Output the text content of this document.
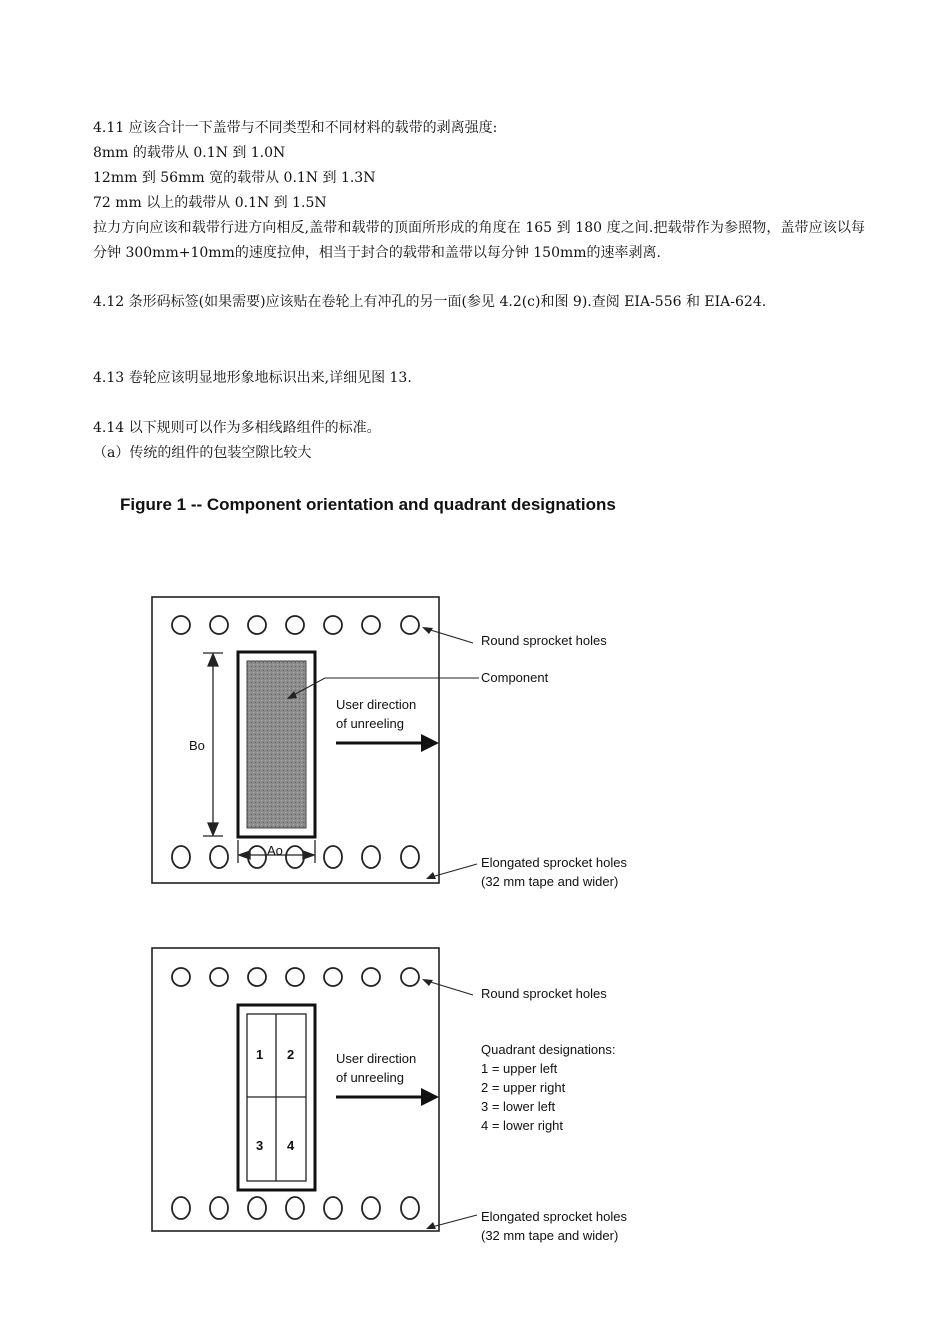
4.11 应该合计一下盖带与不同类型和不同材料的载带的剥离强度:
8mm 的载带从 0.1N 到 1.0N
12mm 到 56mm 宽的载带从 0.1N 到 1.3N
72 mm 以上的载带从 0.1N 到 1.5N
拉力方向应该和载带行进方向相反,盖带和载带的顶面所形成的角度在 165 到 180 度之间.把载带作为参照物，盖带应该以每分钟 300mm+10mm的速度拉伸，相当于封合的载带和盖带以每分钟 150mm的速率剥离.
4.12 条形码标签(如果需要)应该贴在卷轮上有冲孔的另一面(参见 4.2(c)和图 9).查阅 EIA-556 和 EIA-624.
4.13 卷轮应该明显地形象地标识出来,详细见图 13.
4.14 以下规则可以作为多相线路组件的标准。
（a）传统的组件的包装空隙比较大
Figure 1 -- Component orientation and quadrant designations
Round sprocket holes
Component
User direction
of unreeling
Bo
Ao
Elongated sprocket holes
(32 mm tape and wider)
Round sprocket holes
1 2
3 4
User direction
of unreeling
Quadrant designations:
1 = upper left
2 = upper right
3 = lower left
4 = lower right
Elongated sprocket holes
(32 mm tape and wider)
